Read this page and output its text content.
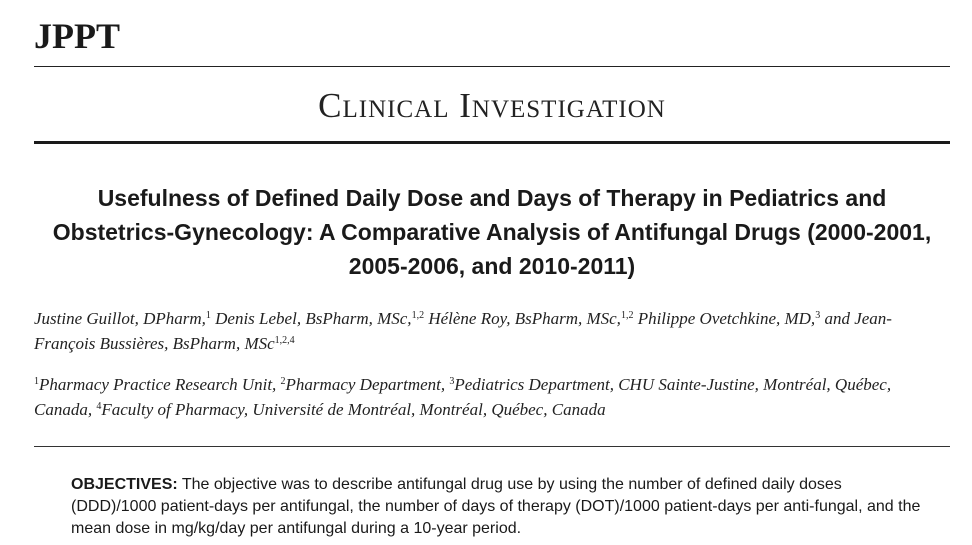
JPPT
Clinical Investigation
Usefulness of Defined Daily Dose and Days of Therapy in Pediatrics and Obstetrics-Gynecology: A Comparative Analysis of Antifungal Drugs (2000-2001, 2005-2006, and 2010-2011)

Justine Guillot, DPharm,$^1$ Denis Lebel, BsPharm, MSc,$^{1,2}$ Hélène Roy, BsPharm, MSc,$^{1,2}$ Philippe Ovetchkine, MD,$^3$ and Jean-François Bussières, BsPharm, MSc$^{1,2,4}$

$^1$Pharmacy Practice Research Unit, $^2$Pharmacy Department, $^3$Pediatrics Department, CHU Sainte-Justine, Montréal, Québec, Canada, $^4$Faculty of Pharmacy, Université de Montréal, Montréal, Québec, Canada

OBJECTIVES: The objective was to describe antifungal drug use by using the number of defined daily doses (DDD)/1000 patient-days per antifungal, the number of days of therapy (DOT)/1000 patient-days per anti-fungal, and the mean dose in mg/kg/day per antifungal during a 10-year period.
